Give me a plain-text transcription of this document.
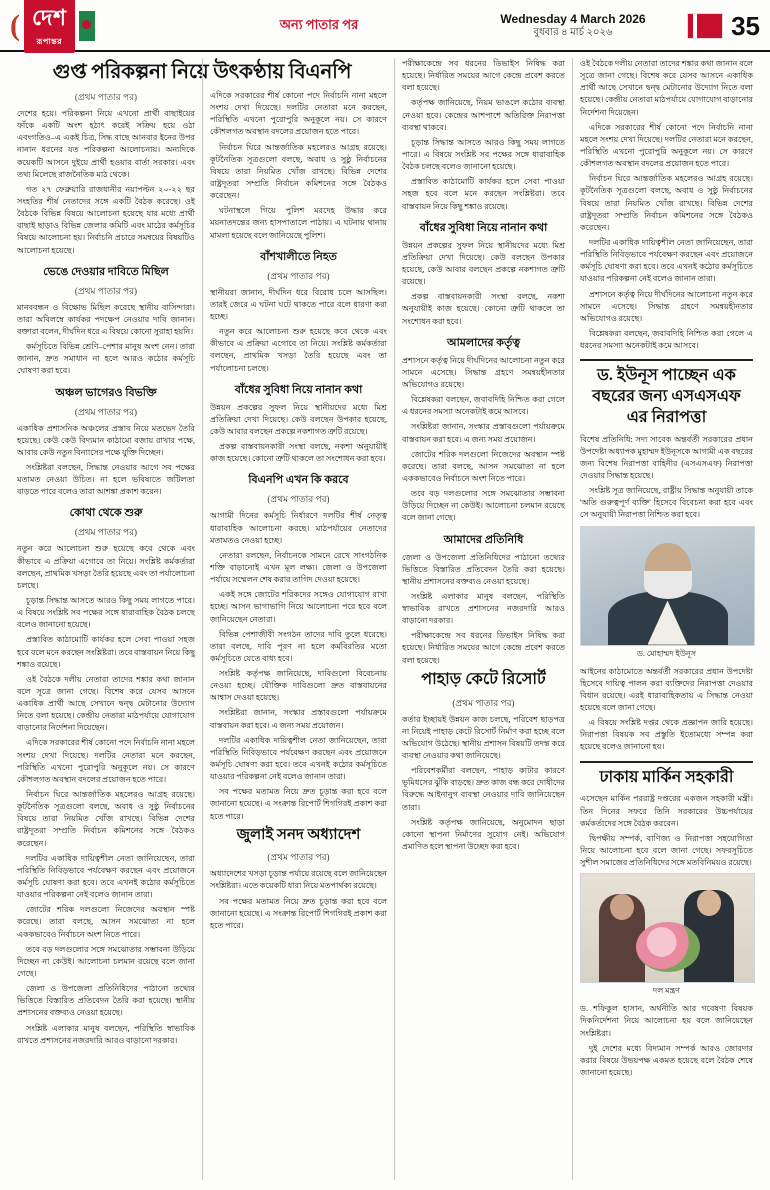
( দেশ
রূপান্তর
অন্য পাতার পর	Wednesday 4 March 2026
বুধবার ৪ মার্চ ২০২৬	35
গুপ্ত পরিকল্পনা নিয়ে উৎকণ্ঠায় বিএনপি
(প্রথম পাতার পর)

দেশের হয়ে। পরিকল্পনা নিয়ে এখনো প্রার্থী বাছাইয়ের ফাঁকে একটি অংশ হঠাৎ করেই সক্রিয় হয়ে ওঠা এবংগতিও–এ একই চিত্র, সিদ্ধ বাছে আনবার ইনের উপর নানান ধরনের যত পরিকল্পনা আলোচনায়। অন্যদিকে কয়েকটি আসনে দুইয়ে প্রার্থী হওয়ার বার্তা সরকার। এবং তথ্য মিলেছে রাজনৈতিক মাঠ থেকে।

গত ২৭ ফেব্রুয়ারি রাজধানীর নয়াপল্টন ২০-২২ ছর সংহতির শীর্ষ নেতাদের সঙ্গে একটি বৈঠক করেছে। ওই বৈঠকে বিভিন্ন বিষয়ে আলোচনা হয়েছে যার মধ্যে প্রার্থী বাছাই ছাড়াও বিভিন্ন জেলার কমিটি এবং মাঠের কর্মসূচির বিষয়ে আলোচনা হয়। নির্বাচনি প্রচারে সমন্বয়ের বিষয়টিও আলোচনা হয়েছে।

ভেঙে দেওয়ার দাবিতে মিছিল
(প্রথম পাতার পর)

মানববন্ধন ও বিক্ষোভ মিছিল করেছে স্থানীয় বাসিন্দারা। তারা অবিলম্বে কার্যকর পদক্ষেপ নেওয়ার দাবি জানান। বক্তারা বলেন, দীর্ঘদিন ধরে এ বিষয়ে কোনো সুরাহা হয়নি।

কর্মসূচিতে বিভিন্ন শ্রেণি–পেশার মানুষ অংশ নেন। তারা জানান, দ্রুত সমাধান না হলে আরও কঠোর কর্মসূচি ঘোষণা করা হবে।

অঞ্চল ভাগেরও বিভক্তি
(প্রথম পাতার পর)

একাধিক প্রশাসনিক অঞ্চলের প্রস্তাব নিয়ে মতভেদ তৈরি হয়েছে। কেউ কেউ বিদ্যমান কাঠামো বজায় রাখার পক্ষে, আবার কেউ নতুন বিন্যাসের পক্ষে যুক্তি দিচ্ছেন।

সংশ্লিষ্টরা বলছেন, সিদ্ধান্ত নেওয়ার আগে সব পক্ষের মতামত নেওয়া উচিত। না হলে ভবিষ্যতে জটিলতা বাড়তে পারে বলেও তারা আশঙ্কা প্রকাশ করেন।

কোথা থেকে শুরু
(প্রথম পাতার পর)

নতুন করে আলোচনা শুরু হয়েছে কবে থেকে এবং কীভাবে এ প্রক্রিয়া এগোবে তা নিয়ে। সংশ্লিষ্ট কর্মকর্তারা বলছেন, প্রাথমিক খসড়া তৈরি হয়েছে এবং তা পর্যালোচনা চলছে।

চূড়ান্ত সিদ্ধান্ত আসতে আরও কিছু সময় লাগতে পারে। এ বিষয়ে সংশ্লিষ্ট সব পক্ষের সঙ্গে ধারাবাহিক বৈঠক চলছে বলেও জানানো হয়েছে।

প্রস্তাবিত কাঠামোটি কার্যকর হলে সেবা পাওয়া সহজ হবে বলে মনে করছেন সংশ্লিষ্টরা। তবে বাস্তবায়ন নিয়ে কিছু শঙ্কাও রয়েছে।

ওই বৈঠকে দলীয় নেতারা তাদের শঙ্কার কথা জানান বলে সূত্রে জানা গেছে। বিশেষ করে যেসব আসনে একাধিক প্রার্থী আছে সেখানে দ্বন্দ্ব মেটানোর উদ্যোগ নিতে বলা হয়েছে। কেন্দ্রীয় নেতারা মাঠপর্যায়ে যোগাযোগ বাড়ানোর নির্দেশনা দিয়েছেন।

এদিকে সরকারের শীর্ষ কোনো পদে নির্বাচনি নানা মহলে সংশয় দেখা দিয়েছে। দলটির নেতারা মনে করছেন, পরিস্থিতি এখনো পুরোপুরি অনুকূলে নয়। সে কারণে কৌশলগত অবস্থান বদলের প্রয়োজন হতে পারে।

নির্বাচন ঘিরে আন্তর্জাতিক মহলেরও আগ্রহ রয়েছে। কূটনৈতিক সূত্রগুলো বলছে, অবাধ ও সুষ্ঠু নির্বাচনের বিষয়ে তারা নিয়মিত খোঁজ রাখছে। বিভিন্ন দেশের রাষ্ট্রদূতরা সম্প্রতি নির্বাচন কমিশনের সঙ্গে বৈঠকও করেছেন।

দলটির একাধিক দায়িত্বশীল নেতা জানিয়েছেন, তারা পরিস্থিতি নিবিড়ভাবে পর্যবেক্ষণ করছেন এবং প্রয়োজনে কর্মসূচি ঘোষণা করা হবে। তবে এখনই কঠোর কর্মসূচিতে যাওয়ার পরিকল্পনা নেই বলেও জানান তারা।

জোটের শরিক দলগুলো নিজেদের অবস্থান স্পষ্ট করেছে। তারা বলছে, আসন সমঝোতা না হলে এককভাবেও নির্বাচনে অংশ নিতে পারে।

তবে বড় দলগুলোর সঙ্গে সমঝোতার সম্ভাবনা উড়িয়ে দিচ্ছেন না কেউই। আলোচনা চলমান রয়েছে বলে জানা গেছে।

জেলা ও উপজেলা প্রতিনিধিদের পাঠানো তথ্যের ভিত্তিতে বিস্তারিত প্রতিবেদন তৈরি করা হয়েছে। স্থানীয় প্রশাসনের বক্তব্যও নেওয়া হয়েছে।

সংশ্লিষ্ট এলাকার মানুষ বলছেন, পরিস্থিতি স্বাভাবিক রাখতে প্রশাসনের নজরদারি আরও বাড়ানো দরকার।

এদিকে সরকারের শীর্ষ কোনো পদে নির্বাচনি নানা মহলে সংশয় দেখা দিয়েছে। দলটির নেতারা মনে করছেন, পরিস্থিতি এখনো পুরোপুরি অনুকূলে নয়। সে কারণে কৌশলগত অবস্থান বদলের প্রয়োজন হতে পারে।

নির্বাচন ঘিরে আন্তর্জাতিক মহলেরও আগ্রহ রয়েছে। কূটনৈতিক সূত্রগুলো বলছে, অবাধ ও সুষ্ঠু নির্বাচনের বিষয়ে তারা নিয়মিত খোঁজ রাখছে। বিভিন্ন দেশের রাষ্ট্রদূতরা সম্প্রতি নির্বাচন কমিশনের সঙ্গে বৈঠকও করেছেন।

ঘটনাস্থলে গিয়ে পুলিশ মরদেহ উদ্ধার করে ময়নাতদন্তের জন্য হাসপাতালে পাঠায়। এ ঘটনায় থানায় মামলা হয়েছে বলে জানিয়েছে পুলিশ।

বাঁশখালীতে নিহত
(প্রথম পাতার পর)

স্থানীয়রা জানান, দীর্ঘদিন ধরে বিরোধ চলে আসছিল। তারই জেরে এ ঘটনা ঘটে থাকতে পারে বলে ধারণা করা হচ্ছে।

নতুন করে আলোচনা শুরু হয়েছে কবে থেকে এবং কীভাবে এ প্রক্রিয়া এগোবে তা নিয়ে। সংশ্লিষ্ট কর্মকর্তারা বলছেন, প্রাথমিক খসড়া তৈরি হয়েছে এবং তা পর্যালোচনা চলছে।

বাঁধের সুবিধা নিয়ে নানান কথা

উন্নয়ন প্রকল্পের সুফল নিয়ে স্থানীয়দের মধ্যে মিশ্র প্রতিক্রিয়া দেখা দিয়েছে। কেউ বলছেন উপকার হয়েছে, কেউ আবার বলছেন প্রকল্পে নকশাগত ত্রুটি রয়েছে।

প্রকল্প বাস্তবায়নকারী সংস্থা বলছে, নকশা অনুযায়ীই কাজ হয়েছে। কোনো ত্রুটি থাকলে তা সংশোধন করা হবে।

বিএনপি এখন কি করবে
(প্রথম পাতার পর)

আগামী দিনের কর্মসূচি নির্ধারণে দলটির শীর্ষ নেতৃত্ব ধারাবাহিক আলোচনা করছে। মাঠপর্যায়ের নেতাদের মতামতও নেওয়া হচ্ছে।

নেতারা বলছেন, নির্বাচনকে সামনে রেখে সাংগঠনিক শক্তি বাড়ানোই এখন মূল লক্ষ্য। জেলা ও উপজেলা পর্যায়ে সম্মেলন শেষ করার তাগিদ দেওয়া হয়েছে।

একই সঙ্গে জোটের শরিকদের সঙ্গেও যোগাযোগ রাখা হচ্ছে। আসন ভাগাভাগি নিয়ে আলোচনা পরে হবে বলে জানিয়েছেন নেতারা।

বিভিন্ন পেশাজীবী সংগঠন তাদের দাবি তুলে ধরেছে। তারা বলছে, দাবি পূরণ না হলে কর্মবিরতির মতো কর্মসূচিতে যেতে বাধ্য হবে।

সংশ্লিষ্ট কর্তৃপক্ষ জানিয়েছে, দাবিগুলো বিবেচনায় নেওয়া হচ্ছে। যৌক্তিক দাবিগুলো দ্রুত বাস্তবায়নের আশ্বাস দেওয়া হয়েছে।

সংশ্লিষ্টরা জানান, সংস্কার প্রস্তাবগুলো পর্যায়ক্রমে বাস্তবায়ন করা হবে। এ জন্য সময় প্রয়োজন।

দলটির একাধিক দায়িত্বশীল নেতা জানিয়েছেন, তারা পরিস্থিতি নিবিড়ভাবে পর্যবেক্ষণ করছেন এবং প্রয়োজনে কর্মসূচি ঘোষণা করা হবে। তবে এখনই কঠোর কর্মসূচিতে যাওয়ার পরিকল্পনা নেই বলেও জানান তারা।

সব পক্ষের মতামত নিয়ে দ্রুত চূড়ান্ত করা হবে বলে জানানো হয়েছে। এ সংক্রান্ত রিপোর্ট শিগগিরই প্রকাশ করা হতে পারে।

জুলাই সনদ অধ্যাদেশ
(প্রথম পাতার পর)

অধ্যাদেশের খসড়া চূড়ান্ত পর্যায়ে রয়েছে বলে জানিয়েছেন সংশ্লিষ্টরা। এতে কয়েকটি ধারা নিয়ে মতপার্থক্য রয়েছে।

সব পক্ষের মতামত নিয়ে দ্রুত চূড়ান্ত করা হবে বলে জানানো হয়েছে। এ সংক্রান্ত রিপোর্ট শিগগিরই প্রকাশ করা হতে পারে।

পরীক্ষাকেন্দ্রে সব ধরনের ডিভাইস নিষিদ্ধ করা হয়েছে। নির্ধারিত সময়ের আগে কেন্দ্রে প্রবেশ করতে বলা হয়েছে।

কর্তৃপক্ষ জানিয়েছে, নিয়ম ভাঙলে কঠোর ব্যবস্থা নেওয়া হবে। কেন্দ্রের আশপাশে অতিরিক্ত নিরাপত্তা ব্যবস্থা থাকবে।

চূড়ান্ত সিদ্ধান্ত আসতে আরও কিছু সময় লাগতে পারে। এ বিষয়ে সংশ্লিষ্ট সব পক্ষের সঙ্গে ধারাবাহিক বৈঠক চলছে বলেও জানানো হয়েছে।

প্রস্তাবিত কাঠামোটি কার্যকর হলে সেবা পাওয়া সহজ হবে বলে মনে করছেন সংশ্লিষ্টরা। তবে বাস্তবায়ন নিয়ে কিছু শঙ্কাও রয়েছে।

বাঁধের সুবিধা নিয়ে নানান কথা

উন্নয়ন প্রকল্পের সুফল নিয়ে স্থানীয়দের মধ্যে মিশ্র প্রতিক্রিয়া দেখা দিয়েছে। কেউ বলছেন উপকার হয়েছে, কেউ আবার বলছেন প্রকল্পে নকশাগত ত্রুটি রয়েছে।

প্রকল্প বাস্তবায়নকারী সংস্থা বলছে, নকশা অনুযায়ীই কাজ হয়েছে। কোনো ত্রুটি থাকলে তা সংশোধন করা হবে।

আমলাদের কর্তৃত্ব

প্রশাসনে কর্তৃত্ব নিয়ে দীর্ঘদিনের আলোচনা নতুন করে সামনে এসেছে। সিদ্ধান্ত গ্রহণে সমন্বয়হীনতার অভিযোগও রয়েছে।

বিশ্লেষকরা বলছেন, জবাবদিহি নিশ্চিত করা গেলে এ ধরনের সমস্যা অনেকটাই কমে আসবে।

সংশ্লিষ্টরা জানান, সংস্কার প্রস্তাবগুলো পর্যায়ক্রমে বাস্তবায়ন করা হবে। এ জন্য সময় প্রয়োজন।

জোটের শরিক দলগুলো নিজেদের অবস্থান স্পষ্ট করেছে। তারা বলছে, আসন সমঝোতা না হলে এককভাবেও নির্বাচনে অংশ নিতে পারে।

তবে বড় দলগুলোর সঙ্গে সমঝোতার সম্ভাবনা উড়িয়ে দিচ্ছেন না কেউই। আলোচনা চলমান রয়েছে বলে জানা গেছে।

আমাদের প্রতিনিধি

জেলা ও উপজেলা প্রতিনিধিদের পাঠানো তথ্যের ভিত্তিতে বিস্তারিত প্রতিবেদন তৈরি করা হয়েছে। স্থানীয় প্রশাসনের বক্তব্যও নেওয়া হয়েছে।

সংশ্লিষ্ট এলাকার মানুষ বলছেন, পরিস্থিতি স্বাভাবিক রাখতে প্রশাসনের নজরদারি আরও বাড়ানো দরকার।

পরীক্ষাকেন্দ্রে সব ধরনের ডিভাইস নিষিদ্ধ করা হয়েছে। নির্ধারিত সময়ের আগে কেন্দ্রে প্রবেশ করতে বলা হয়েছে।

পাহাড় কেটে রিসোর্ট
(প্রথম পাতার পর)

কর্তার ইচ্ছায়ই উন্নয়ন কাজ চলছে, পরিবেশ ছাড়পত্র না নিয়েই পাহাড় কেটে রিসোর্ট নির্মাণ করা হচ্ছে বলে অভিযোগ উঠেছে। স্থানীয় প্রশাসন বিষয়টি তদন্ত করে ব্যবস্থা নেওয়ার কথা জানিয়েছে।

পরিবেশকর্মীরা বলছেন, পাহাড় কাটার কারণে ভূমিধসের ঝুঁকি বাড়ছে। দ্রুত কাজ বন্ধ করে দোষীদের বিরুদ্ধে আইনানুগ ব্যবস্থা নেওয়ার দাবি জানিয়েছেন তারা।

সংশ্লিষ্ট কর্তৃপক্ষ জানিয়েছে, অনুমোদন ছাড়া কোনো স্থাপনা নির্মাণের সুযোগ নেই। অভিযোগ প্রমাণিত হলে স্থাপনা উচ্ছেদ করা হবে।

ওই বৈঠকে দলীয় নেতারা তাদের শঙ্কার কথা জানান বলে সূত্রে জানা গেছে। বিশেষ করে যেসব আসনে একাধিক প্রার্থী আছে সেখানে দ্বন্দ্ব মেটানোর উদ্যোগ নিতে বলা হয়েছে। কেন্দ্রীয় নেতারা মাঠপর্যায়ে যোগাযোগ বাড়ানোর নির্দেশনা দিয়েছেন।

এদিকে সরকারের শীর্ষ কোনো পদে নির্বাচনি নানা মহলে সংশয় দেখা দিয়েছে। দলটির নেতারা মনে করছেন, পরিস্থিতি এখনো পুরোপুরি অনুকূলে নয়। সে কারণে কৌশলগত অবস্থান বদলের প্রয়োজন হতে পারে।

নির্বাচন ঘিরে আন্তর্জাতিক মহলেরও আগ্রহ রয়েছে। কূটনৈতিক সূত্রগুলো বলছে, অবাধ ও সুষ্ঠু নির্বাচনের বিষয়ে তারা নিয়মিত খোঁজ রাখছে। বিভিন্ন দেশের রাষ্ট্রদূতরা সম্প্রতি নির্বাচন কমিশনের সঙ্গে বৈঠকও করেছেন।

দলটির একাধিক দায়িত্বশীল নেতা জানিয়েছেন, তারা পরিস্থিতি নিবিড়ভাবে পর্যবেক্ষণ করছেন এবং প্রয়োজনে কর্মসূচি ঘোষণা করা হবে। তবে এখনই কঠোর কর্মসূচিতে যাওয়ার পরিকল্পনা নেই বলেও জানান তারা।

প্রশাসনে কর্তৃত্ব নিয়ে দীর্ঘদিনের আলোচনা নতুন করে সামনে এসেছে। সিদ্ধান্ত গ্রহণে সমন্বয়হীনতার অভিযোগও রয়েছে।

বিশ্লেষকরা বলছেন, জবাবদিহি নিশ্চিত করা গেলে এ ধরনের সমস্যা অনেকটাই কমে আসবে।

ড. ইউনূস পাচ্ছেন এক বছরের জন্য এসএসএফ এর নিরাপত্তা

বিশেষ প্রতিনিধি: সদ্য সাবেক অন্তর্বর্তী সরকারের প্রধান উপদেষ্টা অধ্যাপক মুহাম্মদ ইউনূসকে আগামী এক বছরের জন্য বিশেষ নিরাপত্তা বাহিনীর (এসএসএফ) নিরাপত্তা দেওয়ার সিদ্ধান্ত হয়েছে।

সংশ্লিষ্ট সূত্র জানিয়েছে, রাষ্ট্রীয় সিদ্ধান্ত অনুযায়ী তাকে 'অতি গুরুত্বপূর্ণ ব্যক্তি' হিসেবে বিবেচনা করা হবে এবং সে অনুযায়ী নিরাপত্তা নিশ্চিত করা হবে।

ড. মোহাম্মদ ইউনূস

আইনের কাঠামোতে অন্তর্বর্তী সরকারের প্রধান উপদেষ্টা হিসেবে দায়িত্ব পালন করা ব্যক্তিদের নিরাপত্তা দেওয়ার বিধান রয়েছে। এরই ধারাবাহিকতায় এ সিদ্ধান্ত নেওয়া হয়েছে বলে জানা গেছে।

এ বিষয়ে সংশ্লিষ্ট দপ্তর থেকে প্রজ্ঞাপন জারি হয়েছে। নিরাপত্তা বিষয়ক সব প্রস্তুতি ইতোমধ্যে সম্পন্ন করা হয়েছে বলেও জানানো হয়।

ঢাকায় মার্কিন সহকারী

এসেছেন মার্কিন পররাষ্ট্র দপ্তরের একজন সহকারী মন্ত্রী। তিন দিনের সফরে তিনি সরকারের উচ্চপর্যায়ের কর্মকর্তাদের সঙ্গে বৈঠক করবেন।

দ্বিপক্ষীয় সম্পর্ক, বাণিজ্য ও নিরাপত্তা সহযোগিতা নিয়ে আলোচনা হবে বলে জানা গেছে। সফরসূচিতে সুশীল সমাজের প্রতিনিধিদের সঙ্গে মতবিনিময়ও রয়েছে।

দল মন্ত্রণ

ড. শফিকুল হাসান, অর্থনীতি আর গবেষণা বিষয়ক দিকনির্দেশনা নিয়ে আলোচনা হয় বলে জানিয়েছেন সংশ্লিষ্টরা।

দুই দেশের মধ্যে বিদ্যমান সম্পর্ক আরও জোরদার করার বিষয়ে উভয়পক্ষ একমত হয়েছে বলে বৈঠক শেষে জানানো হয়েছে।
